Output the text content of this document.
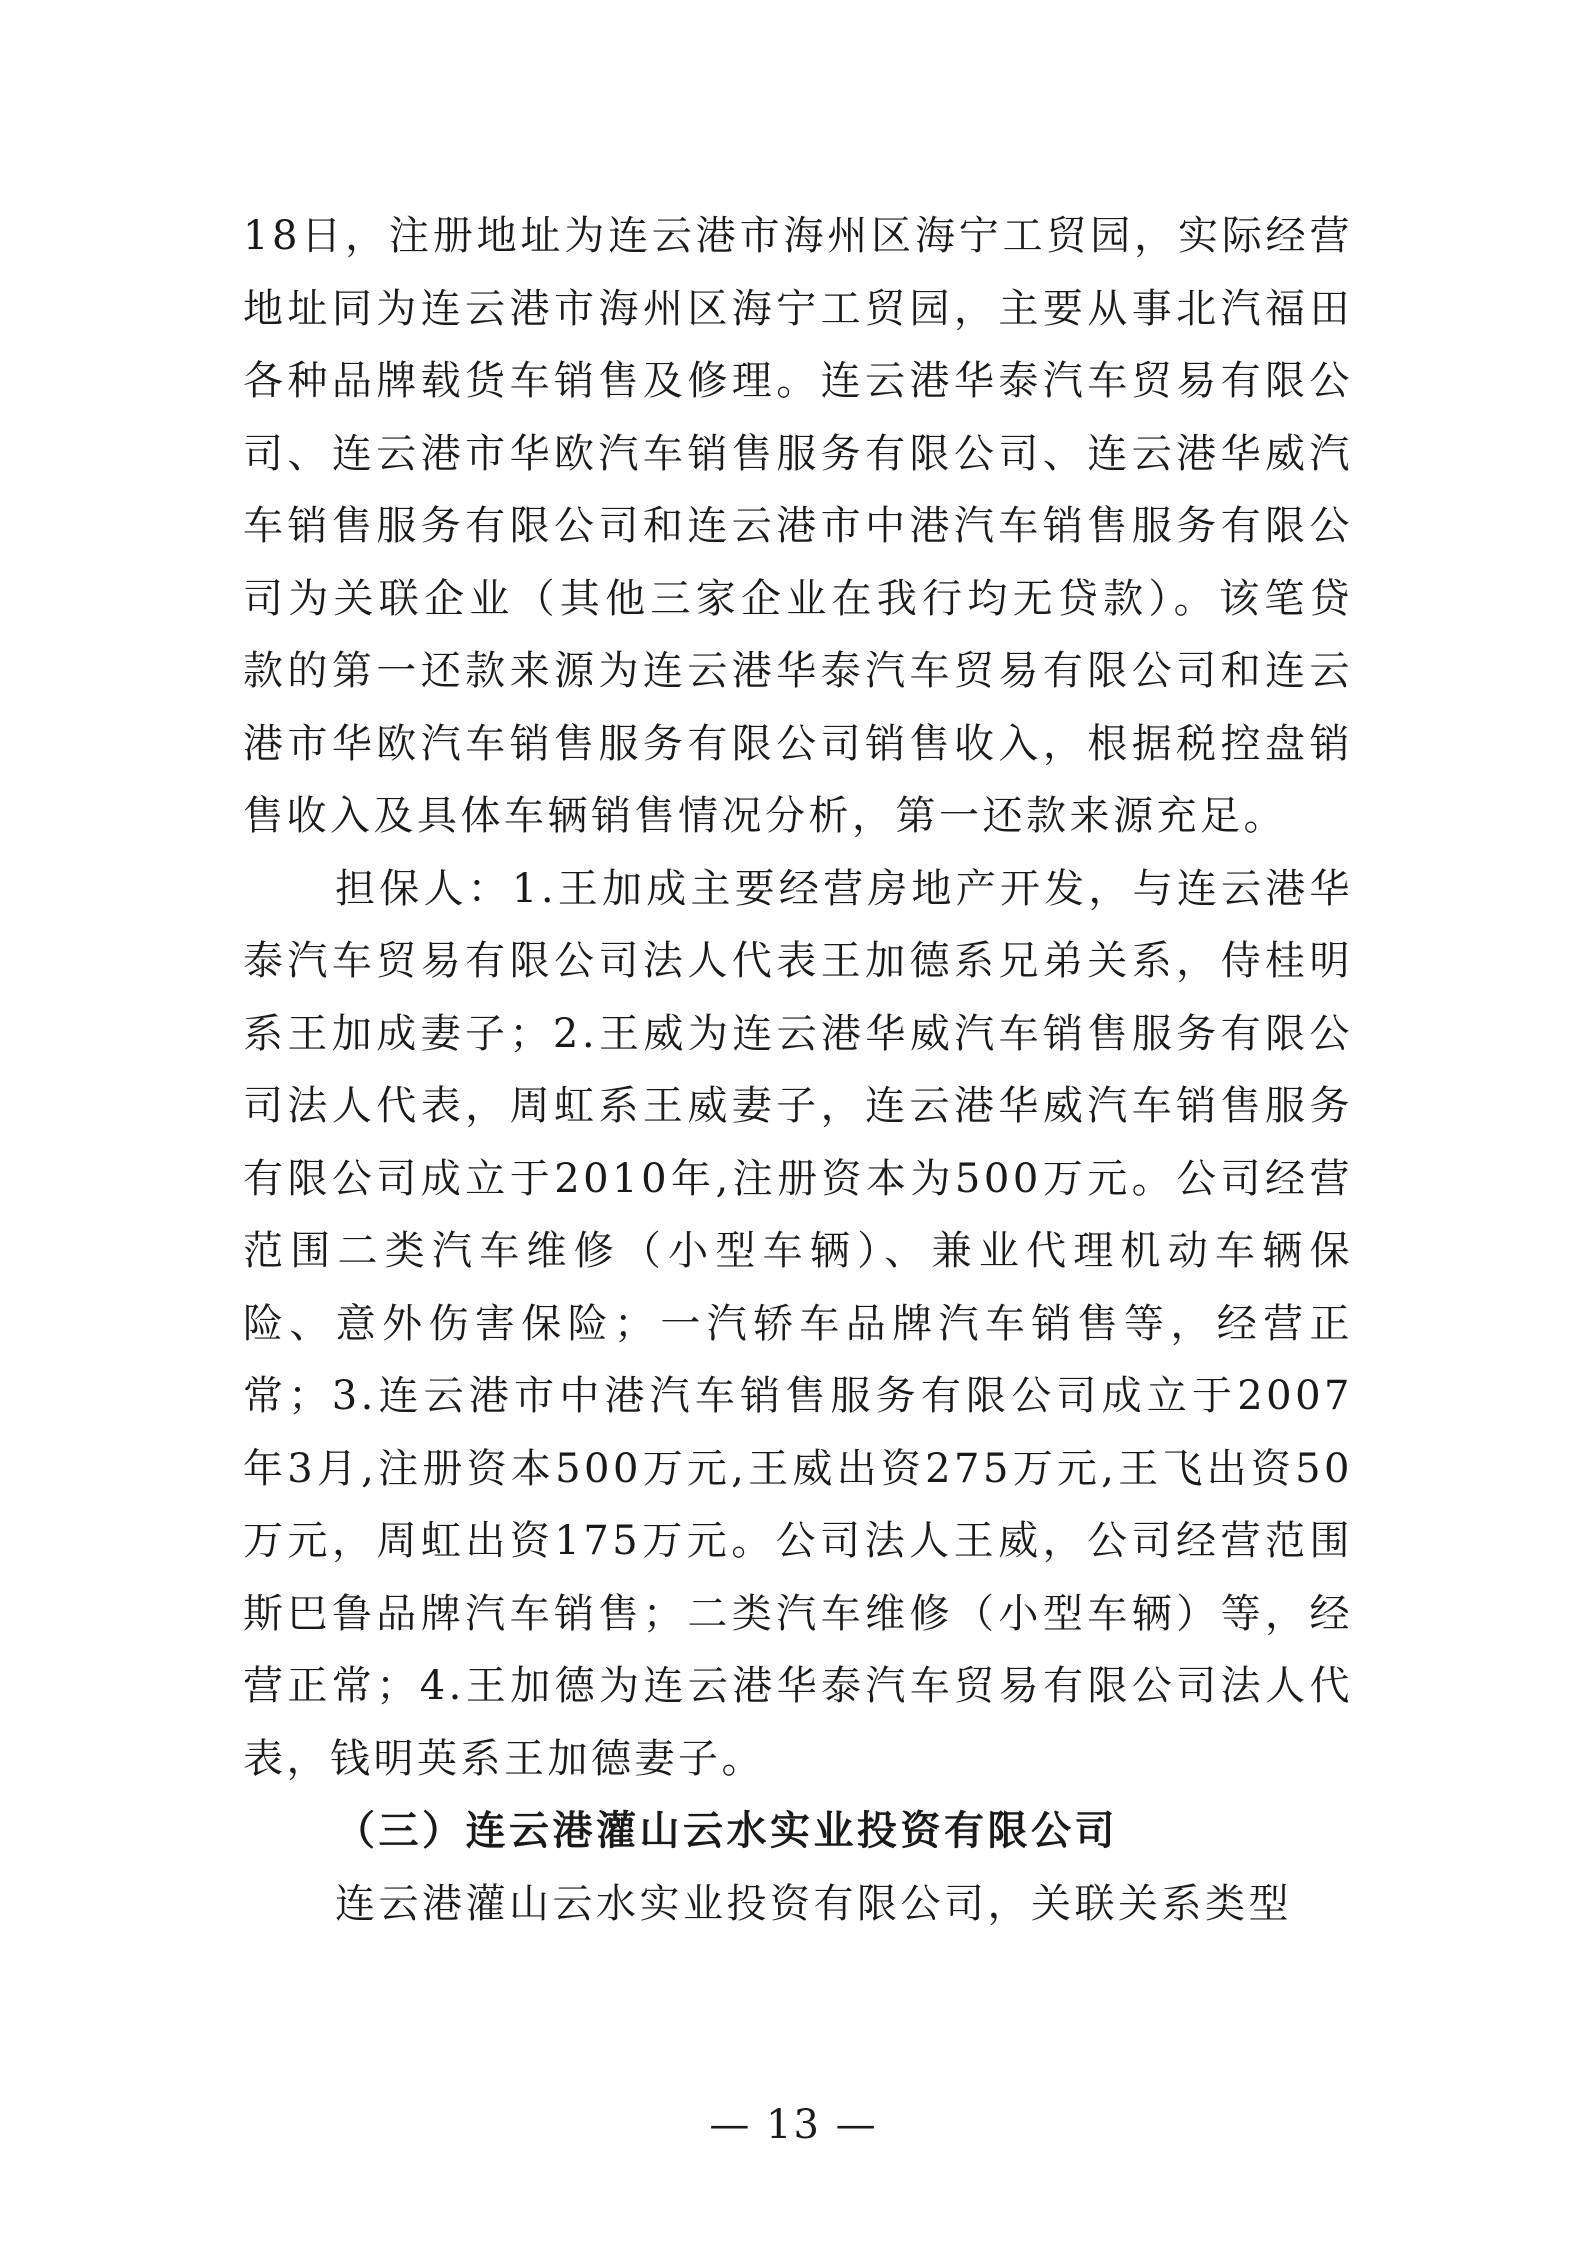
18日，注册地址为连云港市海州区海宁工贸园，实际经营地址同为连云港市海州区海宁工贸园，主要从事北汽福田各种品牌载货车销售及修理。连云港华泰汽车贸易有限公司、连云港市华欧汽车销售服务有限公司、连云港华威汽车销售服务有限公司和连云港市中港汽车销售服务有限公司为关联企业（其他三家企业在我行均无贷款）。该笔贷款的第一还款来源为连云港华泰汽车贸易有限公司和连云港市华欧汽车销售服务有限公司销售收入，根据税控盘销售收入及具体车辆销售情况分析，第一还款来源充足。

担保人：1.王加成主要经营房地产开发，与连云港华泰汽车贸易有限公司法人代表王加德系兄弟关系，侍桂明系王加成妻子；2.王威为连云港华威汽车销售服务有限公司法人代表，周虹系王威妻子，连云港华威汽车销售服务有限公司成立于2010年,注册资本为500万元。公司经营范围二类汽车维修（小型车辆）、兼业代理机动车辆保险、意外伤害保险；一汽轿车品牌汽车销售等，经营正常；3.连云港市中港汽车销售服务有限公司成立于2007年3月,注册资本500万元,王威出资275万元,王飞出资50万元，周虹出资175万元。公司法人王威，公司经营范围斯巴鲁品牌汽车销售；二类汽车维修（小型车辆）等，经营正常；4.王加德为连云港华泰汽车贸易有限公司法人代表，钱明英系王加德妻子。

（三）连云港灌山云水实业投资有限公司

连云港灌山云水实业投资有限公司，关联关系类型

— 13 —
